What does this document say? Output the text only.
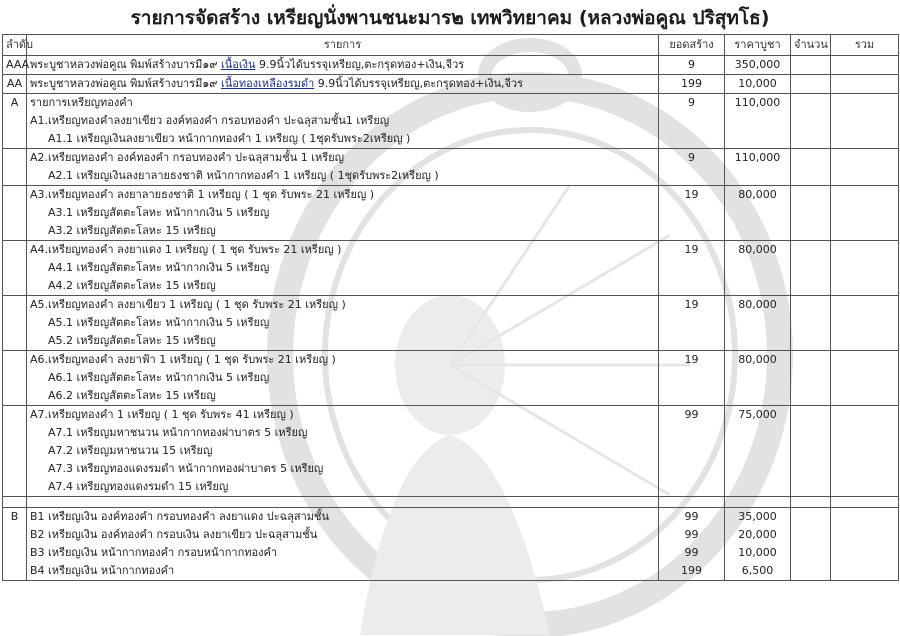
รายการจัดสร้าง เหรียญนั่งพานชนะมาร๒ เทพวิทยาคม (หลวงพ่อคูณ ปริสุทโธ)
ลำดับ	รายการ	ยอดสร้าง	ราคาบูชา	จำนวน	รวม
AAA	พระบูชาหลวงพ่อคูณ พิมพ์สร้างบารมี๑๙ เนื้อเงิน 9.9นิ้วได้บรรจุเหรียญ,ตะกรุดทอง+เงิน,จีวร	9	350,000		
AA	พระบูชาหลวงพ่อคูณ พิมพ์สร้างบารมี๑๙ เนื้อทองเหลืองรมดำ 9.9นิ้วได้บรรจุเหรียญ,ตะกรุดทอง+เงิน,จีวร	199	10,000		
A	รายการเหรียญทองคำ
A1.เหรียญทองคำลงยาเขียว องค์ทองคำ กรอบทองคำ ปะฉลุสามชั้น1 เหรียญ
A1.1 เหรียญเงินลงยาเขียว หน้ากากทองคำ 1 เหรียญ ( 1ชุดรับพระ2เหรียญ )	9	110,000		

	A2.เหรียญทองคำ องค์ทองคำ กรอบทองคำ ปะฉลุสามชั้น 1 เหรียญ
A2.1 เหรียญเงินลงยาลายธงชาติ หน้ากากทองคำ 1 เหรียญ ( 1ชุดรับพระ2เหรียญ )	9	110,000		

	A3.เหรียญทองคำ ลงยาลายธงชาติ 1 เหรียญ ( 1 ชุด รับพระ 21 เหรียญ )
A3.1 เหรียญสัตตะโลหะ หน้ากากเงิน 5 เหรียญ
A3.2 เหรียญสัตตะโลหะ 15 เหรียญ	19	80,000		

	A4.เหรียญทองคำ ลงยาแดง 1 เหรียญ ( 1 ชุด รับพระ 21 เหรียญ )
A4.1 เหรียญสัตตะโลหะ หน้ากากเงิน 5 เหรียญ
A4.2 เหรียญสัตตะโลหะ 15 เหรียญ	19	80,000		

	A5.เหรียญทองคำ ลงยาเขียว 1 เหรียญ ( 1 ชุด รับพระ 21 เหรียญ )
A5.1 เหรียญสัตตะโลหะ หน้ากากเงิน 5 เหรียญ
A5.2 เหรียญสัตตะโลหะ 15 เหรียญ	19	80,000		

	A6.เหรียญทองคำ ลงยาฟ้า 1 เหรียญ ( 1 ชุด รับพระ 21 เหรียญ )
A6.1 เหรียญสัตตะโลหะ หน้ากากเงิน 5 เหรียญ
A6.2 เหรียญสัตตะโลหะ 15 เหรียญ	19	80,000		

	A7.เหรียญทองคำ 1 เหรียญ ( 1 ชุด รับพระ 41 เหรียญ )
A7.1 เหรียญมหาชนวน หน้ากากทองฝาบาตร 5 เหรียญ
A7.2 เหรียญมหาชนวน 15 เหรียญ
A7.3 เหรียญทองแดงรมดำ หน้ากากทองฝาบาตร 5 เหรียญ
A7.4 เหรียญทองแดงรมดำ 15 เหรียญ	99	75,000		

B	B1 เหรียญเงิน องค์ทองคำ กรอบทองคำ ลงยาแดง ปะฉลุสามชั้น	99	35,000		
	B2 เหรียญเงิน องค์ทองคำ กรอบเงิน ลงยาเขียว ปะฉลุสามชั้น	99	20,000		
	B3 เหรียญเงิน หน้ากากทองคำ กรอบหน้ากากทองคำ	99	10,000		
	B4 เหรียญเงิน หน้ากากทองคำ	199	6,500		
